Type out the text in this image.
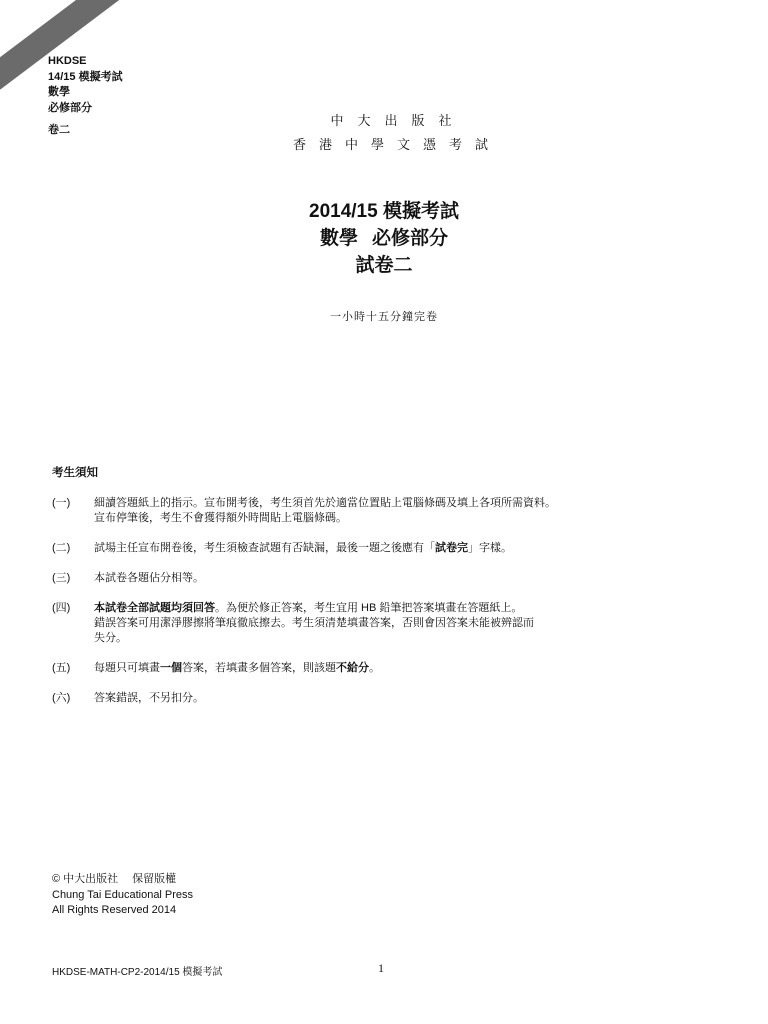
MC
HKDSE
14/15 模擬考試
數學
必修部分
卷二
中大出版社
香港中學文憑考試
2014/15 模擬考試
數學 必修部分
試卷二
一小時十五分鐘完卷
考生須知
(一)	細讀答題紙上的指示。宣布開考後，考生須首先於適當位置貼上電腦條碼及填上各項所需資料。
宣布停筆後，考生不會獲得額外時間貼上電腦條碼。
(二)	試場主任宣布開卷後，考生須檢查試題有否缺漏，最後一題之後應有「試卷完」字樣。
(三)	本試卷各題佔分相等。
(四)	本試卷全部試題均須回答。為便於修正答案，考生宜用 HB 鉛筆把答案填畫在答題紙上。
錯誤答案可用潔淨膠擦將筆痕徹底擦去。考生須清楚填畫答案，否則會因答案未能被辨認而
失分。
(五)	每題只可填畫一個答案，若填畫多個答案，則該題不給分。
(六)	答案錯誤，不另扣分。
© 中大出版社 保留版權
Chung Tai Educational Press
All Rights Reserved 2014
HKDSE-MATH-CP2-2014/15 模擬考試	1
